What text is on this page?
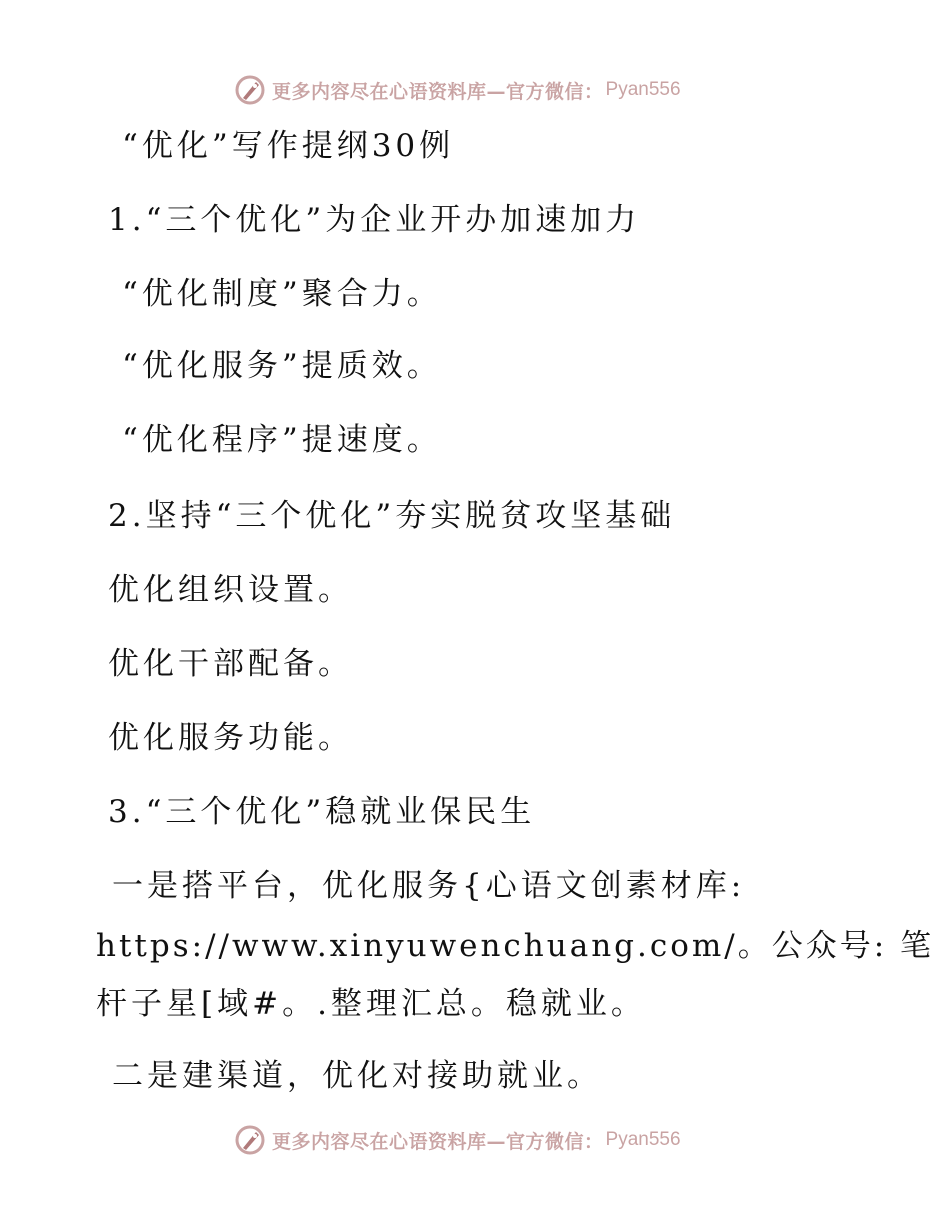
更多内容尽在心语资料库—官方微信： Pyan556
“优化”写作提纲30例
1.“三个优化”为企业开办加速加力
“优化制度”聚合力。
“优化服务”提质效。
“优化程序”提速度。
2.坚持“三个优化”夯实脱贫攻坚基础
优化组织设置。
优化干部配备。
优化服务功能。
3.“三个优化”稳就业保民生
一是搭平台，优化服务{心语文创素材库:
https://www.xinyuwenchuang.com/。公众号: 笔
杆子星[域#。.整理汇总。稳就业。
二是建渠道，优化对接助就业。
更多内容尽在心语资料库—官方微信： Pyan556
